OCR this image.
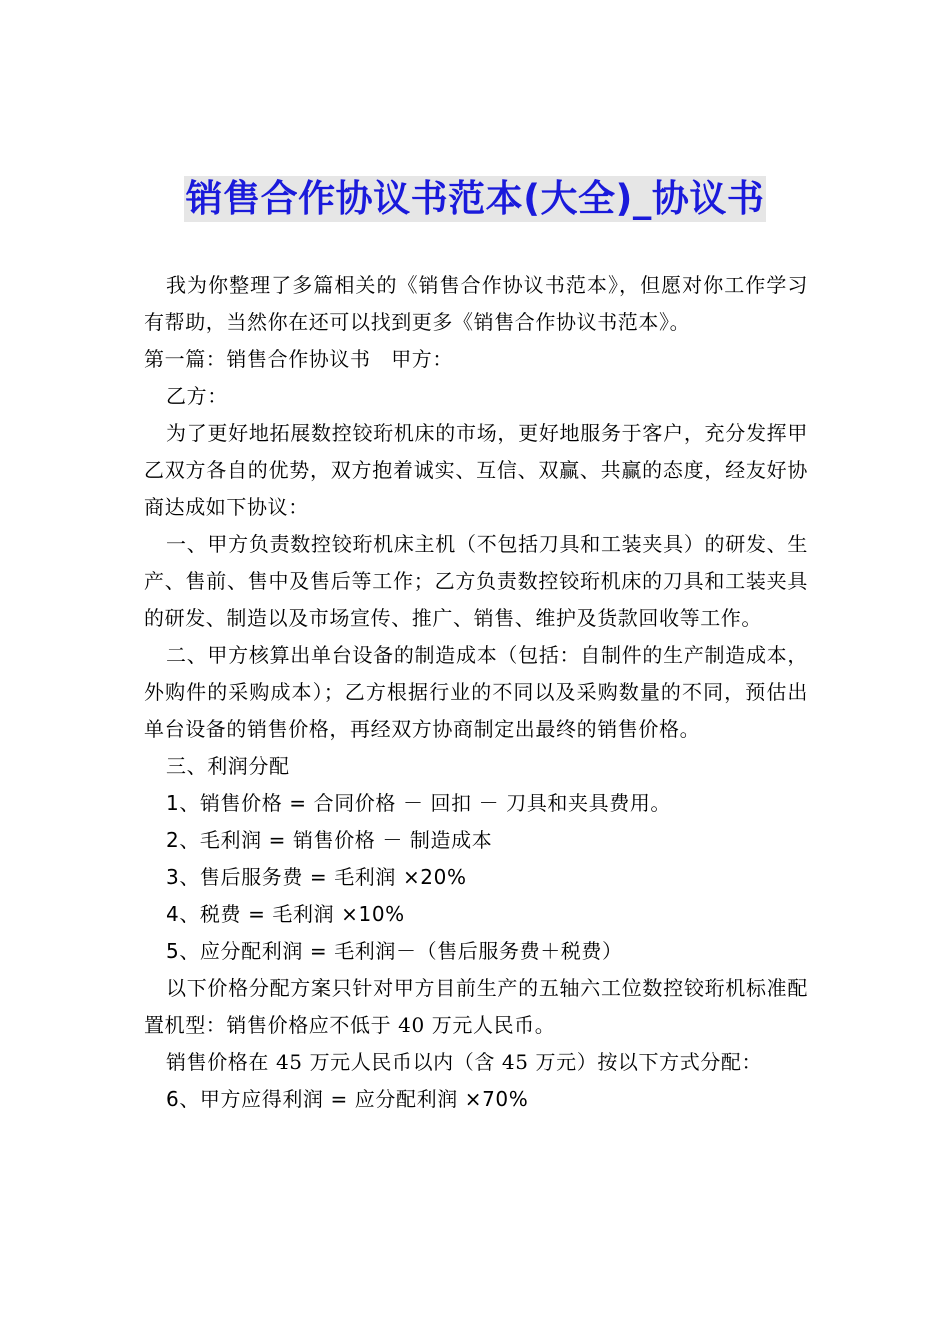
销售合作协议书范本(大全)_协议书

我为你整理了多篇相关的《销售合作协议书范本》，但愿对你工作学习有帮助，当然你在还可以找到更多《销售合作协议书范本》。

第一篇：销售合作协议书　甲方：

乙方：

为了更好地拓展数控铰珩机床的市场，更好地服务于客户，充分发挥甲乙双方各自的优势，双方抱着诚实、互信、双赢、共赢的态度，经友好协商达成如下协议：

一、甲方负责数控铰珩机床主机（不包括刀具和工装夹具）的研发、生产、售前、售中及售后等工作；乙方负责数控铰珩机床的刀具和工装夹具的研发、制造以及市场宣传、推广、销售、维护及货款回收等工作。

二、甲方核算出单台设备的制造成本（包括：自制件的生产制造成本，外购件的采购成本）；乙方根据行业的不同以及采购数量的不同，预估出单台设备的销售价格，再经双方协商制定出最终的销售价格。

三、利润分配

1、销售价格 = 合同价格 － 回扣 － 刀具和夹具费用。

2、毛利润 = 销售价格 － 制造成本

3、售后服务费 = 毛利润 ×20%

4、税费 = 毛利润 ×10%

5、应分配利润 = 毛利润－（售后服务费＋税费）

以下价格分配方案只针对甲方目前生产的五轴六工位数控铰珩机标准配置机型：销售价格应不低于 40 万元人民币。

销售价格在 45 万元人民币以内（含 45 万元）按以下方式分配：

6、甲方应得利润 = 应分配利润 ×70%
